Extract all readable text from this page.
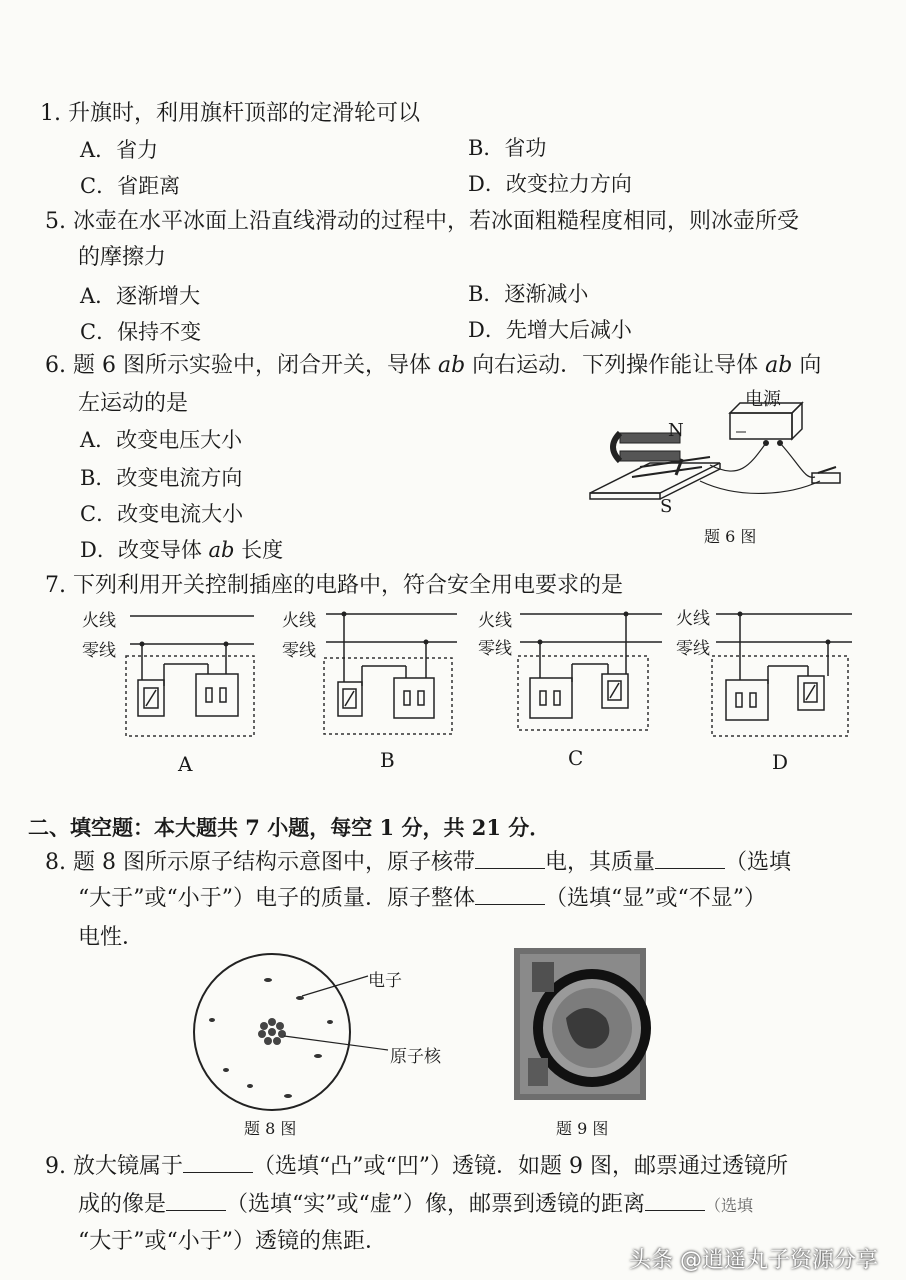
1. 升旗时，利用旗杆顶部的定滑轮可以
A．省力	B．省功
C．省距离	D．改变拉力方向
5. 冰壶在水平冰面上沿直线滑动的过程中，若冰面粗糙程度相同，则冰壶所受
的摩擦力
A．逐渐增大	B．逐渐减小
C．保持不变	D．先增大后减小
6. 题 6 图所示实验中，闭合开关，导体 ab 向右运动．下列操作能让导体 ab 向
左运动的是
A．改变电压大小
B．改变电流方向
C．改变电流大小
D．改变导体 ab 长度
电源
N
S
题 6 图
7. 下列利用开关控制插座的电路中，符合安全用电要求的是
火线
零线
A
火线
零线
B
火线
零线
C
火线
零线
D
二、填空题：本大题共 7 小题，每空 1 分，共 21 分．
8. 题 8 图所示原子结构示意图中，原子核带	电，其质量	（选填
“大于”或“小于”）电子的质量．原子整体	（选填“显”或“不显”）
电性．
电子
原子核
题 8 图	题 9 图
9. 放大镜属于	（选填“凸”或“凹”）透镜．如题 9 图，邮票通过透镜所
成的像是	（选填“实”或“虚”）像，邮票到透镜的距离	（选填
“大于”或“小于”）透镜的焦距．
头条 @逍遥丸子资源分享
